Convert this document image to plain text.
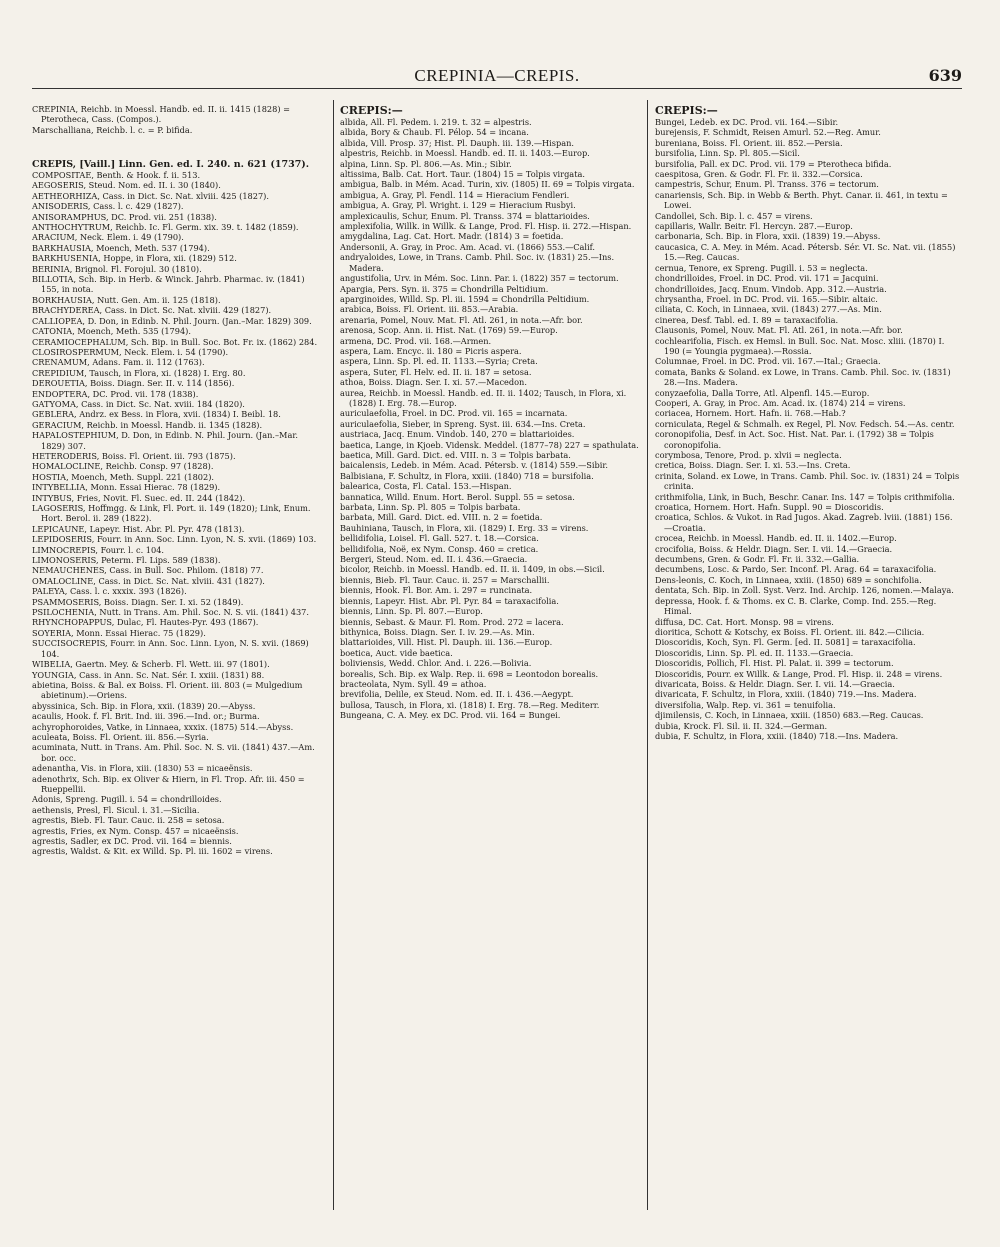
CREPINIA—CREPIS.	639

CREPINIA, Reichb. in Moessl. Handb. ed. II. ii. 1415 (1828) = Pterotheca, Cass. (Compos.).

Marschalliana, Reichb. l. c. = P. bifida.

CREPIS, [Vaill.] Linn. Gen. ed. I. 240. n. 621 (1737).

COMPOSITAE, Benth. & Hook. f. ii. 513.

AEGOSERIS, Steud. Nom. ed. II. i. 30 (1840).

AETHEORHIZA, Cass. in Dict. Sc. Nat. xlviii. 425 (1827).

ANISODERIS, Cass. l. c. 429 (1827).

ANISORAMPHUS, DC. Prod. vii. 251 (1838).

ANTHOCHYTRUM, Reichb. Ic. Fl. Germ. xix. 39. t. 1482 (1859).

ARACIUM, Neck. Elem. i. 49 (1790).

BARKHAUSIA, Moench, Meth. 537 (1794).

BARKHUSENIA, Hoppe, in Flora, xii. (1829) 512.

BERINIA, Brignol. Fl. Forojul. 30 (1810).

BILLOTIA, Sch. Bip. in Herb. & Winck. Jahrb. Pharmac. iv. (1841) 155, in nota.

BORKHAUSIA, Nutt. Gen. Am. ii. 125 (1818).

BRACHYDEREA, Cass. in Dict. Sc. Nat. xlviii. 429 (1827).

CALLIOPEA, D. Don, in Edinb. N. Phil. Journ. (Jan.–Mar. 1829) 309.

CATONIA, Moench, Meth. 535 (1794).

CERAMIOCEPHALUM, Sch. Bip. in Bull. Soc. Bot. Fr. ix. (1862) 284.

CLOSIROSPERMUM, Neck. Elem. i. 54 (1790).

CRENAMUM, Adans. Fam. ii. 112 (1763).

CREPIDIUM, Tausch, in Flora, xi. (1828) I. Erg. 80.

DEROUETIA, Boiss. Diagn. Ser. II. v. 114 (1856).

ENDOPTERA, DC. Prod. vii. 178 (1838).

GATYOMA, Cass. in Dict. Sc. Nat. xviii. 184 (1820).

GEBLERA, Andrz. ex Bess. in Flora, xvii. (1834) I. Beibl. 18.

GERACIUM, Reichb. in Moessl. Handb. ii. 1345 (1828).

HAPALOSTEPHIUM, D. Don, in Edinb. N. Phil. Journ. (Jan.–Mar. 1829) 307.

HETERODERIS, Boiss. Fl. Orient. iii. 793 (1875).

HOMALOCLINE, Reichb. Consp. 97 (1828).

HOSTIA, Moench, Meth. Suppl. 221 (1802).

INTYBELLIA, Monn. Essai Hierac. 78 (1829).

INTYBUS, Fries, Novit. Fl. Suec. ed. II. 244 (1842).

LAGOSERIS, Hoffmgg. & Link, Fl. Port. ii. 149 (1820); Link, Enum. Hort. Berol. ii. 289 (1822).

LEPICAUNE, Lapeyr. Hist. Abr. Pl. Pyr. 478 (1813).

LEPIDOSERIS, Fourr. in Ann. Soc. Linn. Lyon, N. S. xvii. (1869) 103.

LIMNOCREPIS, Fourr. l. c. 104.

LIMONOSERIS, Peterm. Fl. Lips. 589 (1838).

NEMAUCHENES, Cass. in Bull. Soc. Philom. (1818) 77.

OMALOCLINE, Cass. in Dict. Sc. Nat. xlviii. 431 (1827).

PALEYA, Cass. l. c. xxxix. 393 (1826).

PSAMMOSERIS, Boiss. Diagn. Ser. I. xi. 52 (1849).

PSILOCHENIA, Nutt. in Trans. Am. Phil. Soc. N. S. vii. (1841) 437.

RHYNCHOPAPPUS, Dulac, Fl. Hautes-Pyr. 493 (1867).

SOYERIA, Monn. Essai Hierac. 75 (1829).

SUCCISOCREPIS, Fourr. in Ann. Soc. Linn. Lyon, N. S. xvii. (1869) 104.

WIBELIA, Gaertn. Mey. & Scherb. Fl. Wett. iii. 97 (1801).

YOUNGIA, Cass. in Ann. Sc. Nat. Sér. I. xxiii. (1831) 88.

abietina, Boiss. & Bal. ex Boiss. Fl. Orient. iii. 803 (= Mulgedium abietinum).—Oriens.

abyssinica, Sch. Bip. in Flora, xxii. (1839) 20.—Abyss.

acaulis, Hook. f. Fl. Brit. Ind. iii. 396.—Ind. or.; Burma.

achyrophoroides, Vatke, in Linnaea, xxxix. (1875) 514.—Abyss.

aculeata, Boiss. Fl. Orient. iii. 856.—Syria.

acuminata, Nutt. in Trans. Am. Phil. Soc. N. S. vii. (1841) 437.—Am. bor. occ.

adenantha, Vis. in Flora, xiii. (1830) 53 = nicaeënsis.

adenothrix, Sch. Bip. ex Oliver & Hiern, in Fl. Trop. Afr. iii. 450 = Rueppellii.

Adonis, Spreng. Pugill. i. 54 = chondrilloides.

aethensis, Presl, Fl. Sicul. i. 31.—Sicilia.

agrestis, Bieb. Fl. Taur. Cauc. ii. 258 = setosa.

agrestis, Fries, ex Nym. Consp. 457 = nicaeënsis.

agrestis, Sadler, ex DC. Prod. vii. 164 = biennis.

agrestis, Waldst. & Kit. ex Willd. Sp. Pl. iii. 1602 = virens.

CREPIS:—

albida, All. Fl. Pedem. i. 219. t. 32 = alpestris.

albida, Bory & Chaub. Fl. Pélop. 54 = incana.

albida, Vill. Prosp. 37; Hist. Pl. Dauph. iii. 139.—Hispan.

alpestris, Reichb. in Moessl. Handb. ed. II. ii. 1403.—Europ.

alpina, Linn. Sp. Pl. 806.—As. Min.; Sibir.

altissima, Balb. Cat. Hort. Taur. (1804) 15 = Tolpis virgata.

ambigua, Balb. in Mém. Acad. Turin, xiv. (1805) II. 69 = Tolpis virgata.

ambigua, A. Gray, Pl. Fendl. 114 = Hieracium Fendleri.

ambigua, A. Gray, Pl. Wright. i. 129 = Hieracium Rusbyi.

amplexicaulis, Schur, Enum. Pl. Transs. 374 = blattarioides.

amplexifolia, Willk. in Willk. & Lange, Prod. Fl. Hisp. ii. 272.—Hispan.

amygdalina, Lag. Cat. Hort. Madr. (1814) 3 = foetida.

Andersonii, A. Gray, in Proc. Am. Acad. vi. (1866) 553.—Calif.

andryaloides, Lowe, in Trans. Camb. Phil. Soc. iv. (1831) 25.—Ins. Madera.

angustifolia, Urv. in Mém. Soc. Linn. Par. i. (1822) 357 = tectorum.

Apargia, Pers. Syn. ii. 375 = Chondrilla Peltidium.

aparginoides, Willd. Sp. Pl. iii. 1594 = Chondrilla Peltidium.

arabica, Boiss. Fl. Orient. iii. 853.—Arabia.

arenaria, Pomel, Nouv. Mat. Fl. Atl. 261, in nota.—Afr. bor.

arenosa, Scop. Ann. ii. Hist. Nat. (1769) 59.—Europ.

armena, DC. Prod. vii. 168.—Armen.

aspera, Lam. Encyc. ii. 180 = Picris aspera.

aspera, Linn. Sp. Pl. ed. II. 1133.—Syria; Creta.

aspera, Suter, Fl. Helv. ed. II. ii. 187 = setosa.

athoa, Boiss. Diagn. Ser. I. xi. 57.—Macedon.

aurea, Reichb. in Moessl. Handb. ed. II. ii. 1402; Tausch, in Flora, xi. (1828) I. Erg. 78.—Europ.

auriculaefolia, Froel. in DC. Prod. vii. 165 = incarnata.

auriculaefolia, Sieber, in Spreng. Syst. iii. 634.—Ins. Creta.

austriaca, Jacq. Enum. Vindob. 140, 270 = blattarioides.

baetica, Lange, in Kjoeb. Vidensk. Meddel. (1877–78) 227 = spathulata.

baetica, Mill. Gard. Dict. ed. VIII. n. 3 = Tolpis barbata.

baicalensis, Ledeb. in Mém. Acad. Pétersb. v. (1814) 559.—Sibir.

Balbisiana, F. Schultz, in Flora, xxiii. (1840) 718 = bursifolia.

balearica, Costa, Fl. Catal. 153.—Hispan.

bannatica, Willd. Enum. Hort. Berol. Suppl. 55 = setosa.

barbata, Linn. Sp. Pl. 805 = Tolpis barbata.

barbata, Mill. Gard. Dict. ed. VIII. n. 2 = foetida.

Bauhiniana, Tausch, in Flora, xii. (1829) I. Erg. 33 = virens.

bellidifolia, Loisel. Fl. Gall. 527. t. 18.—Corsica.

bellidifolia, Noë, ex Nym. Consp. 460 = cretica.

Bergeri, Steud. Nom. ed. II. i. 436.—Graecia.

bicolor, Reichb. in Moessl. Handb. ed. II. ii. 1409, in obs.—Sicil.

biennis, Bieb. Fl. Taur. Cauc. ii. 257 = Marschallii.

biennis, Hook. Fl. Bor. Am. i. 297 = runcinata.

biennis, Lapeyr. Hist. Abr. Pl. Pyr. 84 = taraxacifolia.

biennis, Linn. Sp. Pl. 807.—Europ.

biennis, Sebast. & Maur. Fl. Rom. Prod. 272 = lacera.

bithynica, Boiss. Diagn. Ser. I. iv. 29.—As. Min.

blattarioides, Vill. Hist. Pl. Dauph. iii. 136.—Europ.

boetica, Auct. vide baetica.

boliviensis, Wedd. Chlor. And. i. 226.—Bolivia.

borealis, Sch. Bip. ex Walp. Rep. ii. 698 = Leontodon borealis.

bracteolata, Nym. Syll. 49 = athoa.

brevifolia, Delile, ex Steud. Nom. ed. II. i. 436.—Aegypt.

bullosa, Tausch, in Flora, xi. (1818) I. Erg. 78.—Reg. Mediterr.

Bungeana, C. A. Mey. ex DC. Prod. vii. 164 = Bungei.

CREPIS:—

Bungei, Ledeb. ex DC. Prod. vii. 164.—Sibir.

burejensis, F. Schmidt, Reisen Amurl. 52.—Reg. Amur.

bureniana, Boiss. Fl. Orient. iii. 852.—Persia.

bursifolia, Linn. Sp. Pl. 805.—Sicil.

bursifolia, Pall. ex DC. Prod. vii. 179 = Pterotheca bifida.

caespitosa, Gren. & Godr. Fl. Fr. ii. 332.—Corsica.

campestris, Schur, Enum. Pl. Transs. 376 = tectorum.

canariensis, Sch. Bip. in Webb & Berth. Phyt. Canar. ii. 461, in textu = Lowei.

Candollei, Sch. Bip. l. c. 457 = virens.

capillaris, Wallr. Beitr. Fl. Hercyn. 287.—Europ.

carbonaria, Sch. Bip. in Flora, xxii. (1839) 19.—Abyss.

caucasica, C. A. Mey. in Mém. Acad. Pétersb. Sér. VI. Sc. Nat. vii. (1855) 15.—Reg. Caucas.

cernua, Tenore, ex Spreng. Pugill. i. 53 = neglecta.

chondrilloides, Froel. in DC. Prod. vii. 171 = Jacquini.

chondrilloides, Jacq. Enum. Vindob. App. 312.—Austria.

chrysantha, Froel. in DC. Prod. vii. 165.—Sibir. altaic.

ciliata, C. Koch, in Linnaea, xvii. (1843) 277.—As. Min.

cinerea, Desf. Tabl. ed. I. 89 = taraxacifolia.

Clausonis, Pomel, Nouv. Mat. Fl. Atl. 261, in nota.—Afr. bor.

cochlearifolia, Fisch. ex Hemsl. in Bull. Soc. Nat. Mosc. xliii. (1870) I. 190 (= Youngia pygmaea).—Rossia.

Columnae, Froel. in DC. Prod. vii. 167.—Ital.; Graecia.

comata, Banks & Soland. ex Lowe, in Trans. Camb. Phil. Soc. iv. (1831) 28.—Ins. Madera.

conyzaefolia, Dalla Torre, Atl. Alpenfl. 145.—Europ.

Cooperi, A. Gray, in Proc. Am. Acad. ix. (1874) 214 = virens.

coriacea, Hornem. Hort. Hafn. ii. 768.—Hab.?

corniculata, Regel & Schmalh. ex Regel, Pl. Nov. Fedsch. 54.—As. centr.

coronopifolia, Desf. in Act. Soc. Hist. Nat. Par. i. (1792) 38 = Tolpis coronopifolia.

corymbosa, Tenore, Prod. p. xlvii = neglecta.

cretica, Boiss. Diagn. Ser. I. xi. 53.—Ins. Creta.

crinita, Soland. ex Lowe, in Trans. Camb. Phil. Soc. iv. (1831) 24 = Tolpis crinita.

crithmifolia, Link, in Buch, Beschr. Canar. Ins. 147 = Tolpis crithmifolia.

croatica, Hornem. Hort. Hafn. Suppl. 90 = Dioscoridis.

croatica, Schlos. & Vukot. in Rad Jugos. Akad. Zagreb. lviii. (1881) 156.—Croatia.

crocea, Reichb. in Moessl. Handb. ed. II. ii. 1402.—Europ.

crocifolia, Boiss. & Heldr. Diagn. Ser. I. vii. 14.—Graecia.

decumbens, Gren. & Godr. Fl. Fr. ii. 332.—Gallia.

decumbens, Losc. & Pardo, Ser. Inconf. Pl. Arag. 64 = taraxacifolia.

Dens-leonis, C. Koch, in Linnaea, xxiii. (1850) 689 = sonchifolia.

dentata, Sch. Bip. in Zoll. Syst. Verz. Ind. Archip. 126, nomen.—Malaya.

depressa, Hook. f. & Thoms. ex C. B. Clarke, Comp. Ind. 255.—Reg. Himal.

diffusa, DC. Cat. Hort. Monsp. 98 = virens.

dioritica, Schott & Kotschy, ex Boiss. Fl. Orient. iii. 842.—Cilicia.

Dioscoridis, Koch, Syn. Fl. Germ. [ed. II. 5081] = taraxacifolia.

Dioscoridis, Linn. Sp. Pl. ed. II. 1133.—Graecia.

Dioscoridis, Pollich, Fl. Hist. Pl. Palat. ii. 399 = tectorum.

Dioscoridis, Pourr. ex Willk. & Lange, Prod. Fl. Hisp. ii. 248 = virens.

divaricata, Boiss. & Heldr. Diagn. Ser. I. vii. 14.—Graecia.

divaricata, F. Schultz, in Flora, xxiii. (1840) 719.—Ins. Madera.

diversifolia, Walp. Rep. vi. 361 = tenuifolia.

djimilensis, C. Koch, in Linnaea, xxiii. (1850) 683.—Reg. Caucas.

dubia, Krock. Fl. Sil. ii. II. 324.—German.

dubia, F. Schultz, in Flora, xxiii. (1840) 718.—Ins. Madera.
